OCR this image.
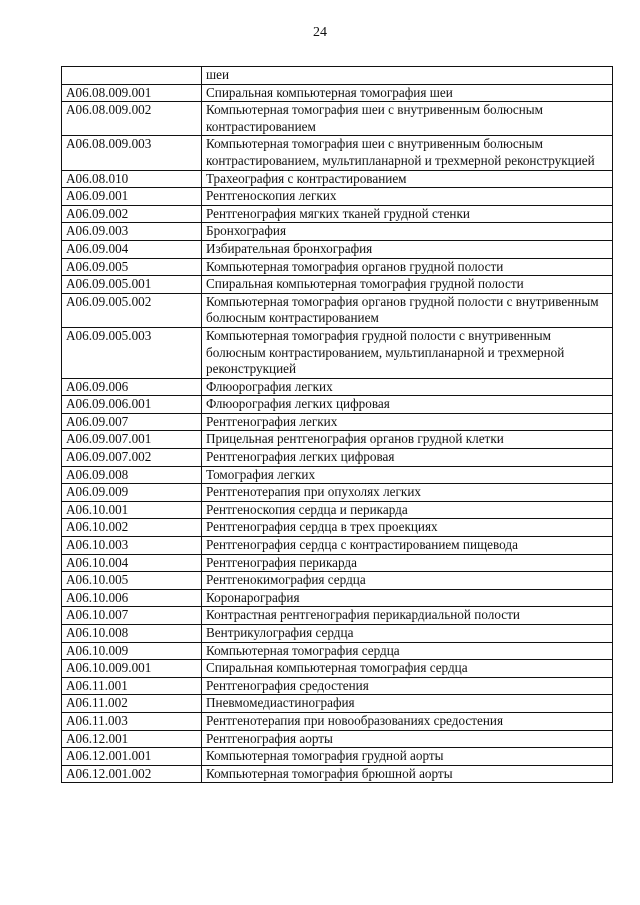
24
	шеи
A06.08.009.001	Спиральная компьютерная томография шеи
A06.08.009.002	Компьютерная томография шеи с внутривенным болюсным контрастированием
A06.08.009.003	Компьютерная томография шеи с внутривенным болюсным контрастированием, мультипланарной и трехмерной реконструкцией
A06.08.010	Трахеография с контрастированием
A06.09.001	Рентгеноскопия легких
A06.09.002	Рентгенография мягких тканей грудной стенки
A06.09.003	Бронхография
A06.09.004	Избирательная бронхография
A06.09.005	Компьютерная томография органов грудной полости
A06.09.005.001	Спиральная компьютерная томография грудной полости
A06.09.005.002	Компьютерная томография органов грудной полости с внутривенным болюсным контрастированием
A06.09.005.003	Компьютерная томография грудной полости с внутривенным болюсным контрастированием, мультипланарной и трехмерной реконструкцией
A06.09.006	Флюорография легких
A06.09.006.001	Флюорография легких цифровая
A06.09.007	Рентгенография легких
A06.09.007.001	Прицельная рентгенография органов грудной клетки
A06.09.007.002	Рентгенография легких цифровая
A06.09.008	Томография легких
A06.09.009	Рентгенотерапия при опухолях легких
A06.10.001	Рентгеноскопия сердца и перикарда
A06.10.002	Рентгенография сердца в трех проекциях
A06.10.003	Рентгенография сердца с контрастированием пищевода
A06.10.004	Рентгенография перикарда
A06.10.005	Рентгенокимография сердца
A06.10.006	Коронарография
A06.10.007	Контрастная рентгенография перикардиальной полости
A06.10.008	Вентрикулография сердца
A06.10.009	Компьютерная томография сердца
A06.10.009.001	Спиральная компьютерная томография сердца
A06.11.001	Рентгенография средостения
A06.11.002	Пневмомедиастинография
A06.11.003	Рентгенотерапия при новообразованиях средостения
A06.12.001	Рентгенография аорты
A06.12.001.001	Компьютерная томография грудной аорты
A06.12.001.002	Компьютерная томография брюшной аорты
